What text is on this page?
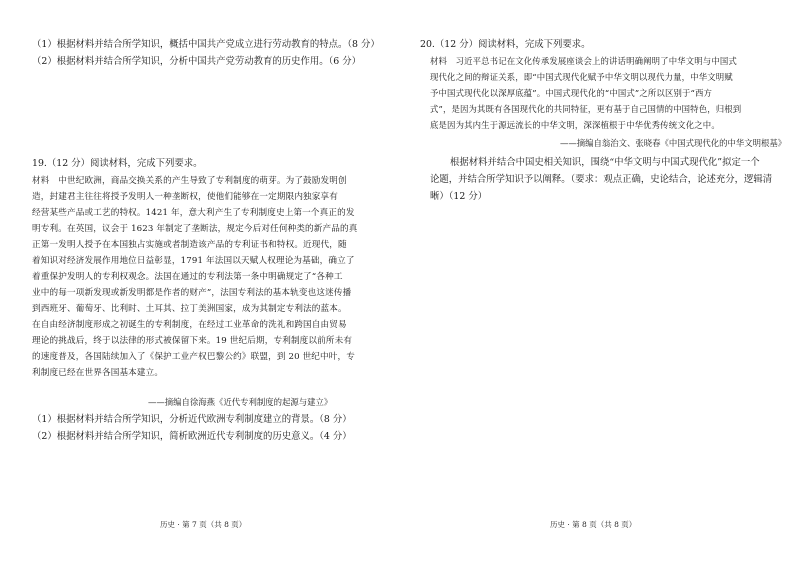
（1）根据材料并结合所学知识，概括中国共产党成立进行劳动教育的特点。（8 分）
（2）根据材料并结合所学知识，分析中国共产党劳动教育的历史作用。（6 分）
19.（12 分）阅读材料，完成下列要求。
材料　中世纪欧洲，商品交换关系的产生导致了专利制度的萌芽。为了鼓励发明创
造，封建君主往往将授予发明人一种垄断权，使他们能够在一定期限内独家享有
经营某些产品或工艺的特权。1421 年，意大利产生了专利制度史上第一个真正的发
明专利。在英国，议会于 1623 年制定了垄断法，规定今后对任何种类的新产品的真
正第一发明人授予在本国独占实施或者制造该产品的专利证书和特权。近现代，随
着知识对经济发展作用地位日益彰显，1791 年法国以天赋人权理论为基础，确立了
着重保护发明人的专利权观念。法国在通过的专利法第一条中明确规定了“各种工
业中的每一项新发现或新发明都是作者的财产”，法国专利法的基本轨变也这迷传播
到西班牙、葡萄牙、比利时、土耳其、拉丁美洲国家，成为其制定专利法的蓝本。
在自由经济制度形成之初诞生的专利制度，在经过工业革命的洗礼和跨国自由贸易
理论的挑战后，终于以法律的形式被保留下来。19 世纪后期，专利制度以前所未有
的速度普及，各国陆续加入了《保护工业产权巴黎公约》联盟，到 20 世纪中叶，专
利制度已经在世界各国基本建立。
——摘编自徐海燕《近代专利制度的起源与建立》
（1）根据材料并结合所学知识，分析近代欧洲专利制度建立的背景。（8 分）
（2）根据材料并结合所学知识，简析欧洲近代专利制度的历史意义。（4 分）
历史 · 第 7 页（共 8 页）
20.（12 分）阅读材料，完成下列要求。
材料　习近平总书记在文化传承发展座谈会上的讲话明确阐明了中华文明与中国式
现代化之间的辩证关系，即“中国式现代化赋予中华文明以现代力量，中华文明赋
予中国式现代化以深厚底蕴”。中国式现代化的“中国式”之所以区别于“西方
式”，是因为其既有各国现代化的共同特征，更有基于自己国情的中国特色，归根到
底是因为其内生于源远流长的中华文明，深深植根于中华优秀传统文化之中。
——摘编自翁治文、张晓春《中国式现代化的中华文明根基》
根据材料并结合中国史相关知识，围绕“中华文明与中国式现代化”拟定一个
论题，并结合所学知识予以阐释。（要求：观点正确，史论结合，论述充分，逻辑清
晰）（12 分）
历史 · 第 8 页（共 8 页）
